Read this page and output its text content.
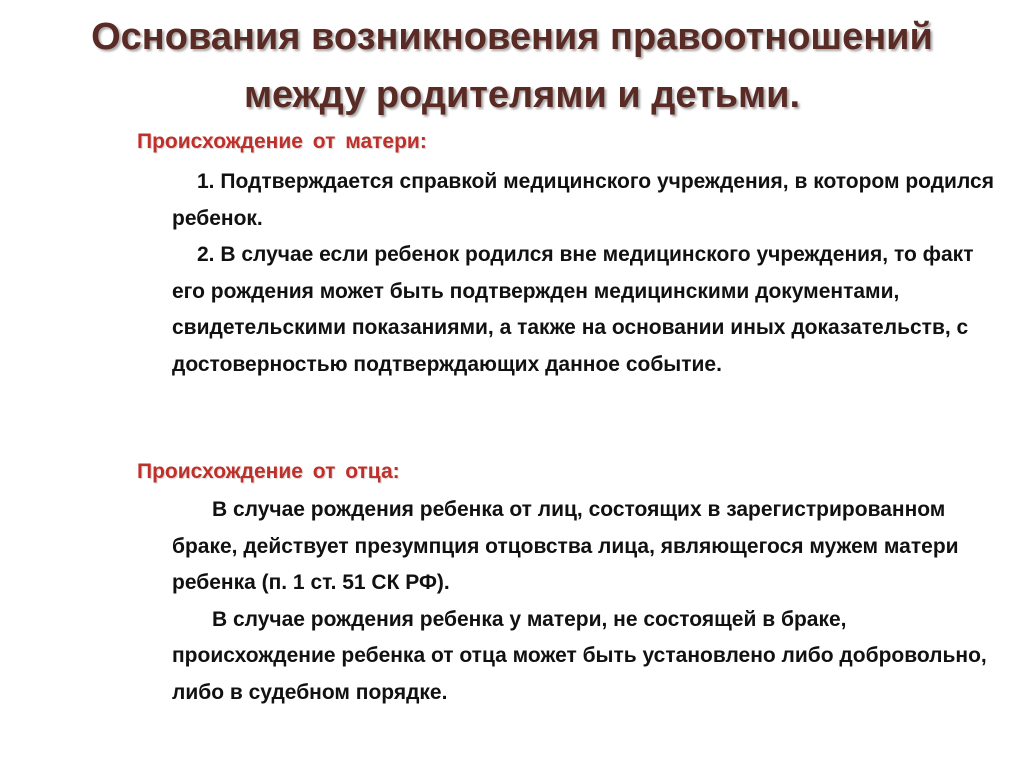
Основания возникновения правоотношений
между родителями и детьми.
Происхождение от матери:

1. Подтверждается справкой медицинского учреждения, в котором родился ребенок.

2. В случае если ребенок родился вне медицинского учреждения, то факт его рождения может быть подтвержден медицинскими документами, свидетельскими показаниями, а также на основании иных доказательств, с достоверностью подтверждающих данное событие.

Происхождение от отца:

В случае рождения ребенка от лиц, состоящих в зарегистрированном браке, действует презумпция отцовства лица, являющегося мужем матери ребенка (п. 1 ст. 51 СК РФ).

В случае рождения ребенка у матери, не состоящей в браке, происхождение ребенка от отца может быть установлено либо добровольно, либо в судебном порядке.
